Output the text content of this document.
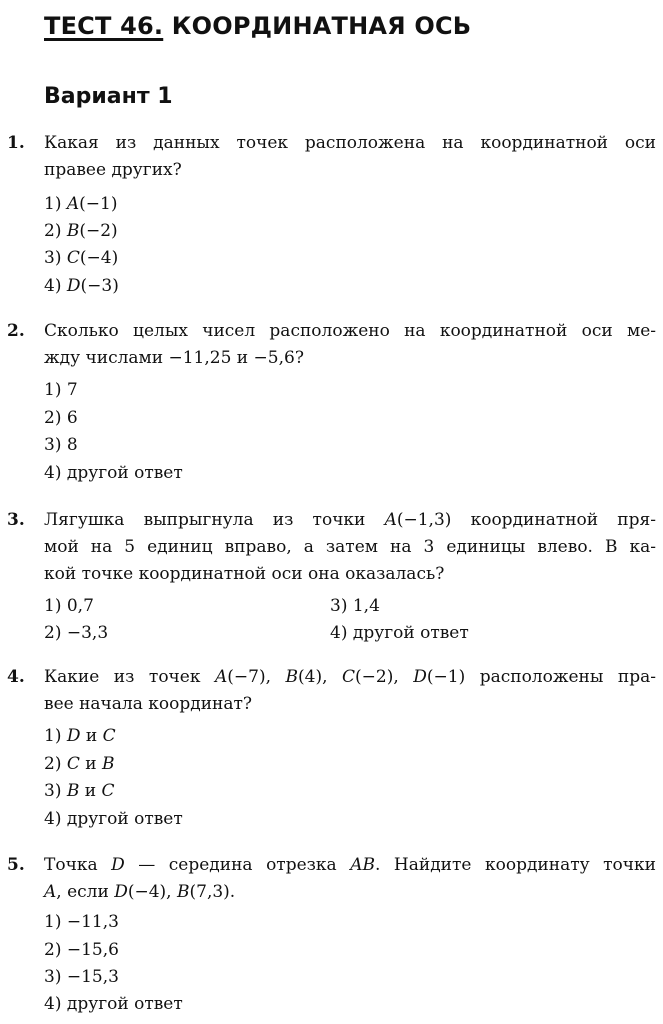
ТЕСТ 46. КООРДИНАТНАЯ ОСЬ
Вариант 1
1. Какая из данных точек расположена на координатной оси
правее других?
1) A(−1)
2) B(−2)
3) C(−4)
4) D(−3)
2. Сколько целых чисел расположено на координатной оси ме-
жду числами −11,25 и −5,6?
1) 7
2) 6
3) 8
4) другой ответ
3. Лягушка выпрыгнула из точки A(−1,3) координатной пря-
мой на 5 единиц вправо, а затем на 3 единицы влево. В ка-
кой точке координатной оси она оказалась?
1) 0,7
2) −3,3
3) 1,4
4) другой ответ
4. Какие из точек A(−7), B(4), C(−2), D(−1) расположены пра-
вее начала координат?
1) D и C
2) C и B
3) B и C
4) другой ответ
5. Точка D — середина отрезка AB. Найдите координату точки
A, если D(−4), B(7,3).
1) −11,3
2) −15,6
3) −15,3
4) другой ответ
